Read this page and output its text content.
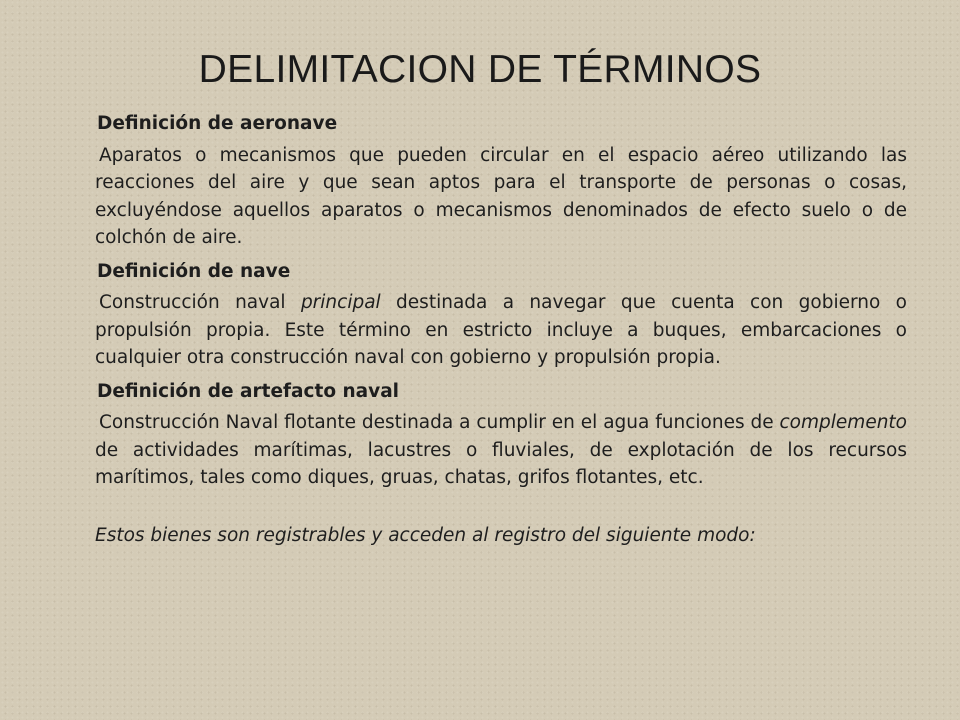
DELIMITACION DE TÉRMINOS

Definición de aeronave

Aparatos o mecanismos que pueden circular en el espacio aéreo utilizando las reacciones del aire y que sean aptos para el transporte de personas o cosas, excluyéndose aquellos aparatos o mecanismos denominados de efecto suelo o de colchón de aire.

Definición de nave

Construcción naval principal destinada a navegar que cuenta con gobierno o propulsión propia. Este término en estricto incluye a buques, embarcaciones o cualquier otra construcción naval con gobierno y propulsión propia.

Definición de artefacto naval

Construcción Naval flotante destinada a cumplir en el agua funciones de complemento de actividades marítimas, lacustres o fluviales, de explotación de los recursos marítimos, tales como diques, gruas, chatas, grifos flotantes, etc.

Estos bienes son registrables y acceden al registro del siguiente modo:
